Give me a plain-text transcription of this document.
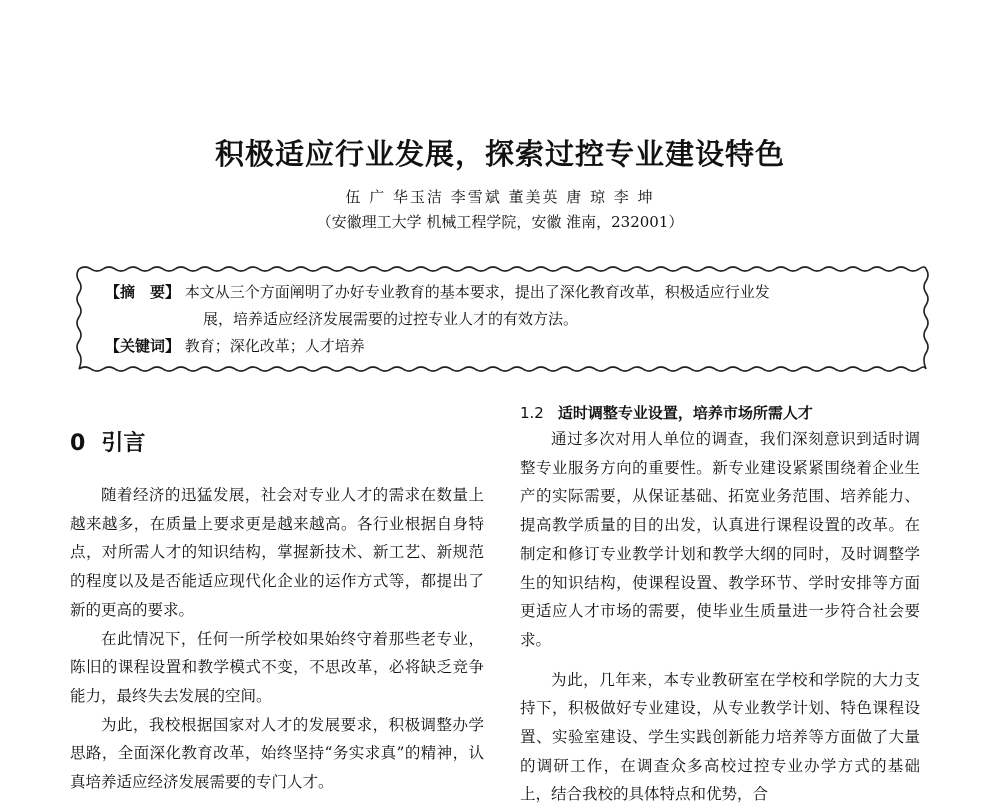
积极适应行业发展，探索过控专业建设特色
伍 广 华玉洁 李雪斌 董美英 唐 琼 李 坤
（安徽理工大学 机械工程学院，安徽 淮南，232001）
【摘　要】 本文从三个方面阐明了办好专业教育的基本要求，提出了深化教育改革，积极适应行业发
展，培养适应经济发展需要的过控专业人才的有效方法。
【关键词】 教育；深化改革；人才培养
0 引言

随着经济的迅猛发展，社会对专业人才的需求在数量上越来越多，在质量上要求更是越来越高。各行业根据自身特点，对所需人才的知识结构，掌握新技术、新工艺、新规范的程度以及是否能适应现代化企业的运作方式等，都提出了新的更高的要求。

在此情况下，任何一所学校如果始终守着那些老专业，陈旧的课程设置和教学模式不变，不思改革，必将缺乏竞争能力，最终失去发展的空间。

为此，我校根据国家对人才的发展要求，积极调整办学思路，全面深化教育改革，始终坚持“务实求真”的精神，认真培养适应经济发展需要的专门人才。

1.2 适时调整专业设置，培养市场所需人才

通过多次对用人单位的调查，我们深刻意识到适时调整专业服务方向的重要性。新专业建设紧紧围绕着企业生产的实际需要，从保证基础、拓宽业务范围、培养能力、提高教学质量的目的出发，认真进行课程设置的改革。在制定和修订专业教学计划和教学大纲的同时，及时调整学生的知识结构，使课程设置、教学环节、学时安排等方面更适应人才市场的需要，使毕业生质量进一步符合社会要求。

为此，几年来，本专业教研室在学校和学院的大力支持下，积极做好专业建设，从专业教学计划、特色课程设置、实验室建设、学生实践创新能力培养等方面做了大量的调研工作，在调查众多高校过控专业办学方式的基础上，结合我校的具体特点和优势，合
